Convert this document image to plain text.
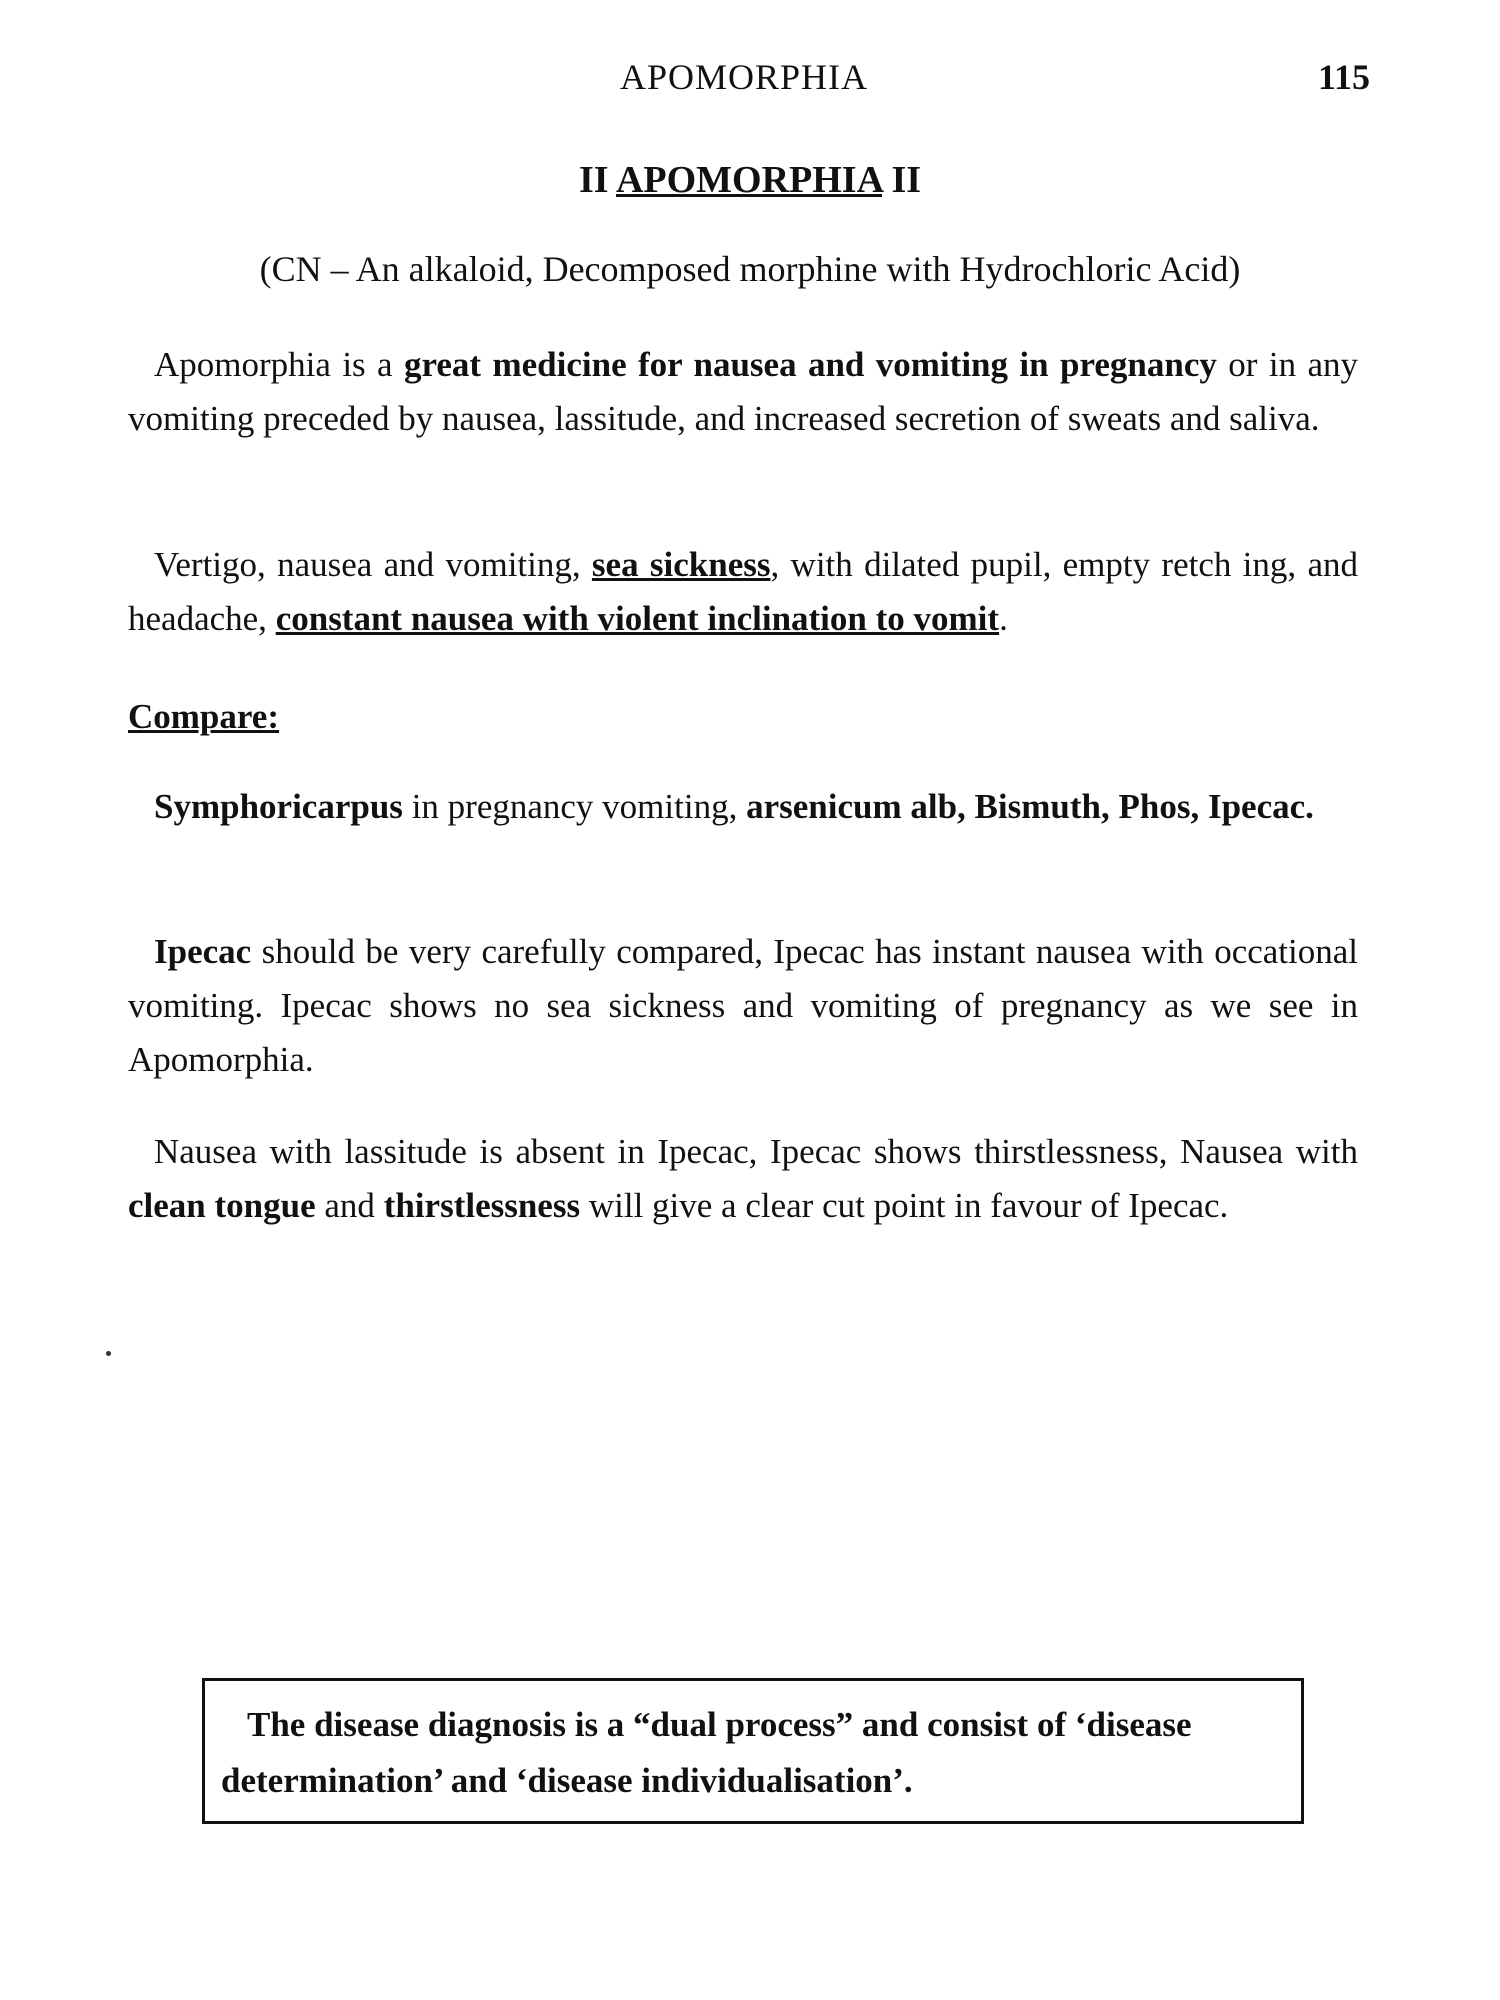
APOMORPHIA	115
II APOMORPHIA II
(CN – An alkaloid, Decomposed morphine with Hydrochloric Acid)
Apomorphia is a great medicine for nausea and vomiting in pregnancy or in any vomiting preceded by nausea, lassitude, and increased secretion of sweats and saliva.
Vertigo, nausea and vomiting, sea sickness, with dilated pupil, empty retch ing, and headache, constant nausea with violent inclination to vomit.
Compare:
Symphoricarpus in pregnancy vomiting, arsenicum alb, Bismuth, Phos, Ipecac.
Ipecac should be very carefully compared, Ipecac has instant nausea with occational vomiting. Ipecac shows no sea sickness and vomiting of pregnancy as we see in Apomorphia.
Nausea with lassitude is absent in Ipecac, Ipecac shows thirstlessness, Nausea with clean tongue and thirstlessness will give a clear cut point in favour of Ipecac.
The disease diagnosis is a “dual process” and consist of ‘disease determination’ and ‘disease individualisation’.
